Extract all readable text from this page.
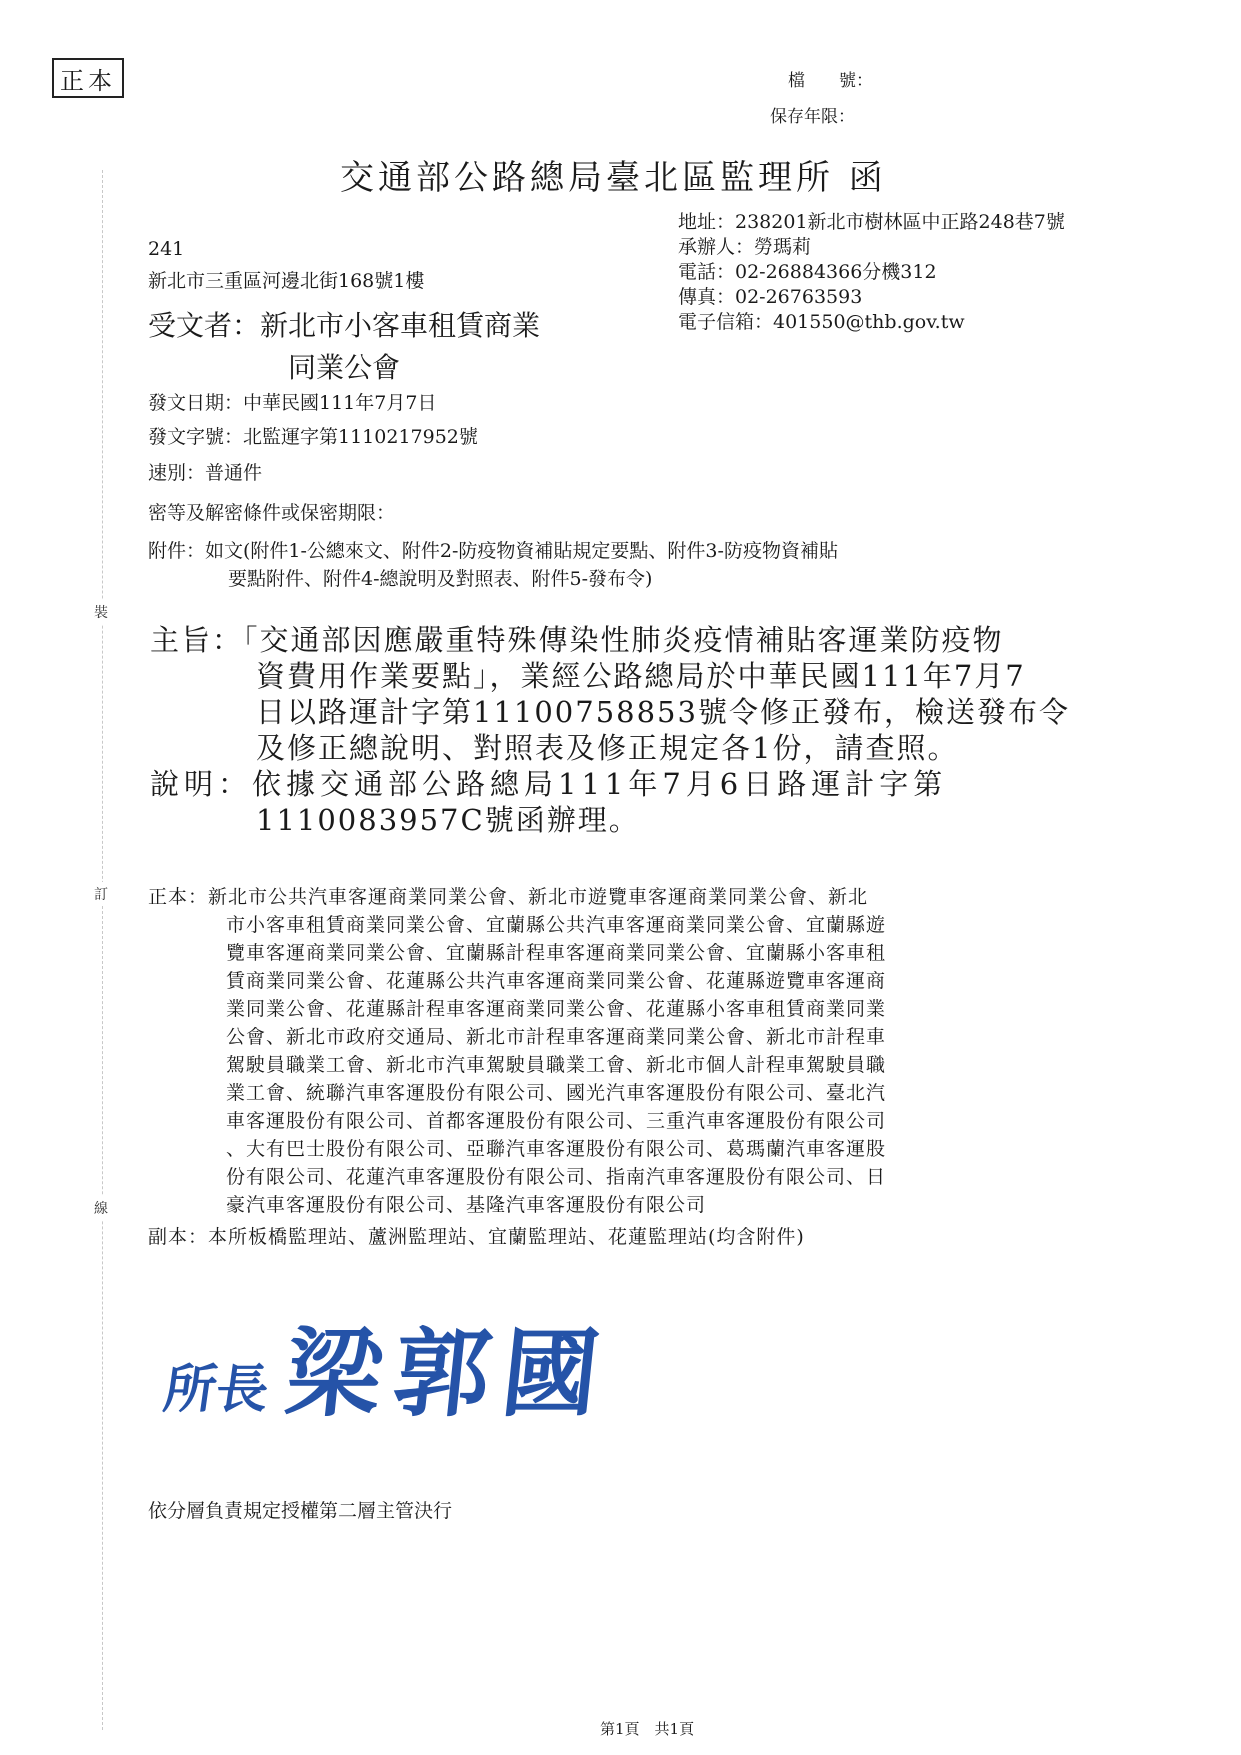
正本	檔　　號：
保存年限：
裝
訂
線
交通部公路總局臺北區監理所 函
地址：238201新北市樹林區中正路248巷7號
承辦人：勞瑪莉
電話：02-26884366分機312
傳真：02-26763593
電子信箱：401550@thb.gov.tw
241
新北市三重區河邊北街168號1樓
受文者：新北市小客車租賃商業
同業公會
發文日期：中華民國111年7月7日
發文字號：北監運字第1110217952號
速別：普通件
密等及解密條件或保密期限：
附件：如文(附件1-公總來文、附件2-防疫物資補貼規定要點、附件3-防疫物資補貼
要點附件、附件4-總說明及對照表、附件5-發布令)
主旨：「交通部因應嚴重特殊傳染性肺炎疫情補貼客運業防疫物
資費用作業要點」，業經公路總局於中華民國111年7月7
日以路運計字第11100758853號令修正發布，檢送發布令
及修正總說明、對照表及修正規定各1份，請查照。
說明：依據交通部公路總局111年7月6日路運計字第
1110083957C號函辦理。
正本：新北市公共汽車客運商業同業公會、新北市遊覽車客運商業同業公會、新北
市小客車租賃商業同業公會、宜蘭縣公共汽車客運商業同業公會、宜蘭縣遊
覽車客運商業同業公會、宜蘭縣計程車客運商業同業公會、宜蘭縣小客車租
賃商業同業公會、花蓮縣公共汽車客運商業同業公會、花蓮縣遊覽車客運商
業同業公會、花蓮縣計程車客運商業同業公會、花蓮縣小客車租賃商業同業
公會、新北市政府交通局、新北市計程車客運商業同業公會、新北市計程車
駕駛員職業工會、新北市汽車駕駛員職業工會、新北市個人計程車駕駛員職
業工會、統聯汽車客運股份有限公司、國光汽車客運股份有限公司、臺北汽
車客運股份有限公司、首都客運股份有限公司、三重汽車客運股份有限公司
、大有巴士股份有限公司、亞聯汽車客運股份有限公司、葛瑪蘭汽車客運股
份有限公司、花蓮汽車客運股份有限公司、指南汽車客運股份有限公司、日
豪汽車客運股份有限公司、基隆汽車客運股份有限公司
副本：本所板橋監理站、蘆洲監理站、宜蘭監理站、花蓮監理站(均含附件)
所長梁郭國
依分層負責規定授權第二層主管決行
第1頁　共1頁
